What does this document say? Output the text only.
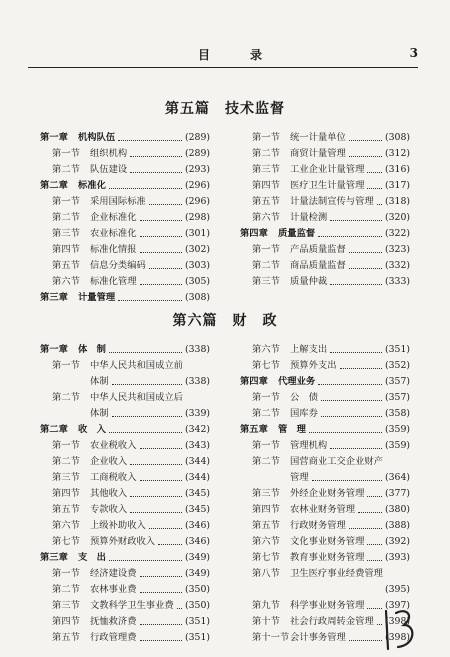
目　录	3
第五篇　技术监督
第一章 机构队伍	(289)
第一节 组织机构	(289)
第二节 队伍建设	(293)
第二章 标准化	(296)
第一节 采用国际标准	(296)
第二节 企业标准化	(298)
第三节 农业标准化	(301)
第四节 标准化情报	(302)
第五节 信息分类编码	(303)
第六节 标准化管理	(305)
第三章 计量管理	(308)
第一节 统一计量单位	(308)
第二节 商贸计量管理	(312)
第三节 工业企业计量管理 (316)
第四节 医疗卫生计量管理 (317)
第五节 计量法制宣传与管理 (318)
第六节 计量检测	(320)
第四章 质量监督	(322)
第一节 产品质量监督	(323)
第二节 商品质量监督	(332)
第三节 质量仲裁	(333)
第六篇　财　政
第一章 体　制	(338)
第一节 中华人民共和国成立前体制	(338)
第二节 中华人民共和国成立后体制	(339)
第二章 收　入	(342)
第一节 农业税收入	(343)
第二节 企业收入	(344)
第三节 工商税收入	(344)
第四节 其他收入	(345)
第五节 专款收入	(345)
第六节 上级补助收入	(346)
第七节 预算外财政收入	(346)
第三章 支　出	(349)
第一节 经济建设费	(349)
第二节 农林事业费	(350)
第三节 文教科学卫生事业费 (350)
第四节 抚恤救济费	(351)
第五节 行政管理费	(351)
第六节 上解支出	(351)
第七节 预算外支出	(352)
第四章 代理业务	(357)
第一节 公　债	(357)
第二节 国库券	(358)
第五章 管　理	(359)
第一节 管理机构	(359)
第二节 国营商业工交企业财产管理	(364)
第三节 外经企业财务管理 (377)
第四节 农林业财务管理	(380)
第五节 行政财务管理	(388)
第六节 文化事业财务管理 (392)
第七节 教育事业财务管理 (393)
第八节 卫生医疗事业经费管理
(395)
第九节 科学事业财务管理 (397)
第十节 社会行政周转金管理 (398)
第十一节 会计事务管理	(398)
